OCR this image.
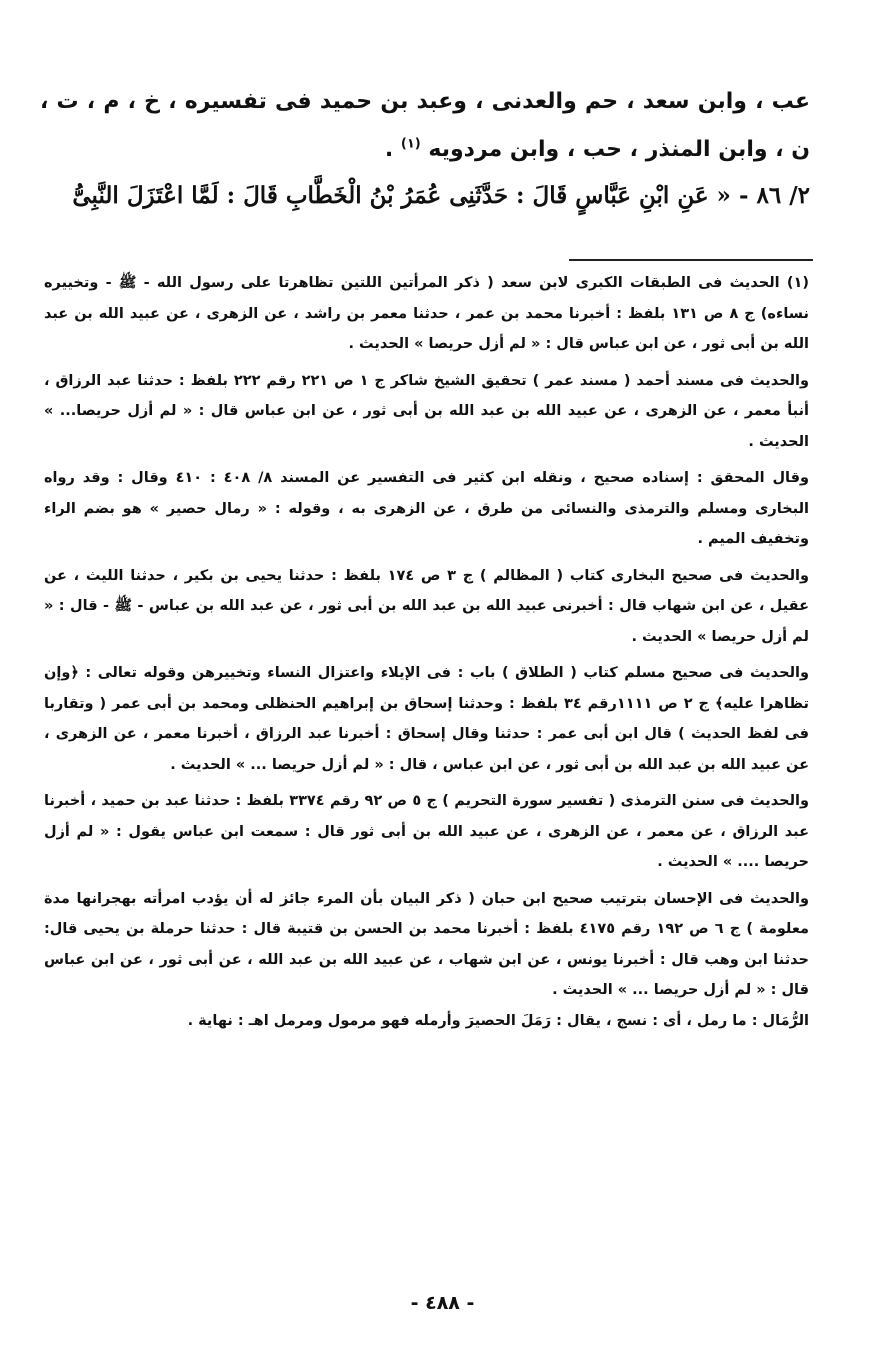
عب ، وابن سعد ، حم والعدنى ، وعبد بن حميد فى تفسيره ، خ ، م ، ت ، ن ، وابن المنذر ، حب ، وابن مردويه $^{(١)}$ .

٢/ ٨٦ - « عَنِ ابْنِ عَبَّاسٍ قَالَ : حَدَّثَنِى عُمَرُ بْنُ الْخَطَّابِ قَالَ : لَمَّا اعْتَزَلَ النَّبِىُّ

(١) الحديث فى الطبقات الكبرى لابن سعد ( ذكر المرأتين اللتين تظاهرتا على رسول الله - ﷺ - وتخييره نساءه) ج ٨ ص ١٣١ بلفظ : أخبرنا محمد بن عمر ، حدثنا معمر بن راشد ، عن الزهرى ، عن عبيد الله بن عبد الله بن أبى ثور ، عن ابن عباس قال : « لم أزل حريصا » الحديث .

والحديث فى مسند أحمد ( مسند عمر ) تحقيق الشيخ شاكر ج ١ ص ٢٢١ رقم ٢٢٢ بلفظ : حدثنا عبد الرزاق ، أنبأ معمر ، عن الزهرى ، عن عبيد الله بن عبد الله بن أبى ثور ، عن ابن عباس قال : « لم أزل حريصا... » الحديث .

وقال المحقق : إسناده صحيح ، ونقله ابن كثير فى التفسير عن المسند ٨/ ٤٠٨ : ٤١٠ وقال : وقد رواه البخارى ومسلم والترمذى والنسائى من طرق ، عن الزهرى به ، وقوله : « رمال حصير » هو بضم الراء وتخفيف الميم .

والحديث فى صحيح البخارى كتاب ( المظالم ) ج ٣ ص ١٧٤ بلفظ : حدثنا يحيى بن بكير ، حدثنا الليث ، عن عقيل ، عن ابن شهاب قال : أخبرنى عبيد الله بن عبد الله بن أبى ثور ، عن عبد الله بن عباس - ﷺ - قال : « لم أزل حريصا » الحديث .

والحديث فى صحيح مسلم كتاب ( الطلاق ) باب : فى الإيلاء واعتزال النساء وتخييرهن وقوله تعالى : ﴿وإن تظاهرا عليه﴾ ج ٢ ص ١١١١رقم ٣٤ بلفظ : وحدثنا إسحاق بن إبراهيم الحنظلى ومحمد بن أبى عمر ( وتقاربا فى لفظ الحديث ) قال ابن أبى عمر : حدثنا وقال إسحاق : أخبرنا عبد الرزاق ، أخبرنا معمر ، عن الزهرى ، عن عبيد الله بن عبد الله بن أبى ثور ، عن ابن عباس ، قال : « لم أزل حريصا ... » الحديث .

والحديث فى سنن الترمذى ( تفسير سورة التحريم ) ج ٥ ص ٩٢ رقم ٣٣٧٤ بلفظ : حدثنا عبد بن حميد ، أخبرنا عبد الرزاق ، عن معمر ، عن الزهرى ، عن عبيد الله بن أبى ثور قال : سمعت ابن عباس يقول : « لم أزل حريصا .... » الحديث .

والحديث فى الإحسان بترتيب صحيح ابن حبان ( ذكر البيان بأن المرء جائز له أن يؤدب امرأته بهجرانها مدة معلومة ) ج ٦ ص ١٩٢ رقم ٤١٧٥ بلفظ : أخبرنا محمد بن الحسن بن قتيبة قال : حدثنا حرملة بن يحيى قال: حدثنا ابن وهب قال : أخبرنا يونس ، عن ابن شهاب ، عن عبيد الله بن عبد الله ، عن أبى ثور ، عن ابن عباس قال : « لم أزل حريصا ... » الحديث .

الرُّمَال : ما رمل ، أى : نسج ، يقال : رَمَلَ الحصيرَ وأرمله فهو مرمول ومرمل اهـ : نهاية .

- ٤٨٨ -
